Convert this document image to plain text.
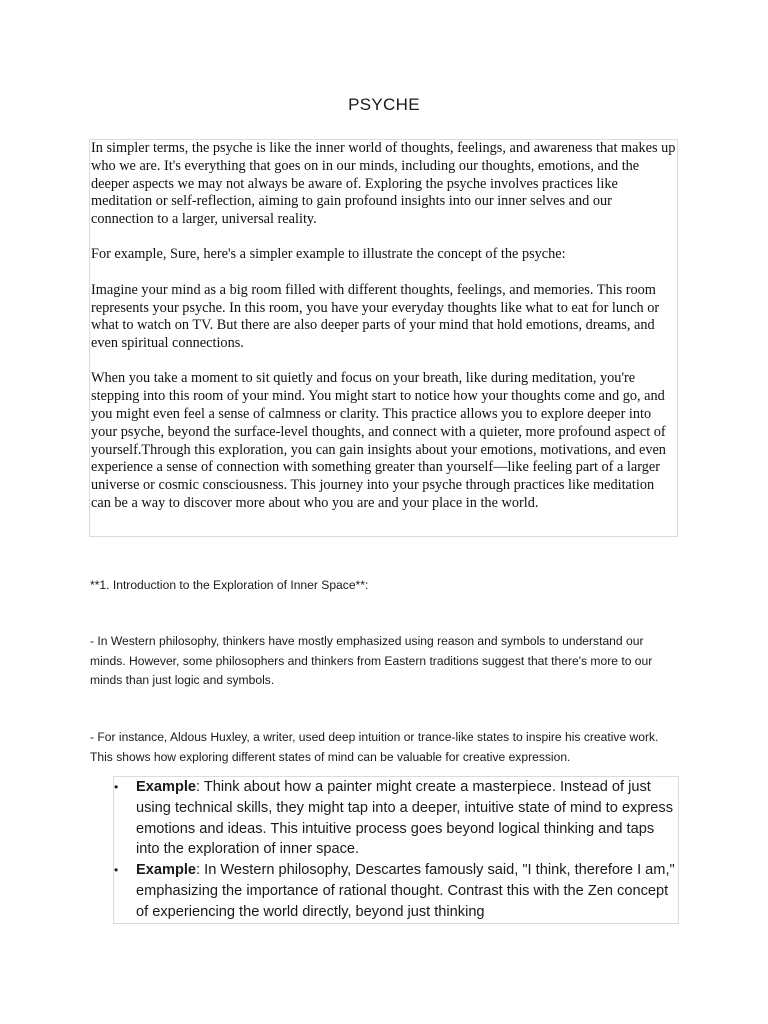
PSYCHE

In simpler terms, the psyche is like the inner world of thoughts, feelings, and awareness that makes up who we are. It's everything that goes on in our minds, including our thoughts, emotions, and the deeper aspects we may not always be aware of. Exploring the psyche involves practices like meditation or self-reflection, aiming to gain profound insights into our inner selves and our connection to a larger, universal reality.

For example, Sure, here's a simpler example to illustrate the concept of the psyche:

Imagine your mind as a big room filled with different thoughts, feelings, and memories. This room represents your psyche. In this room, you have your everyday thoughts like what to eat for lunch or what to watch on TV. But there are also deeper parts of your mind that hold emotions, dreams, and even spiritual connections.

When you take a moment to sit quietly and focus on your breath, like during meditation, you're stepping into this room of your mind. You might start to notice how your thoughts come and go, and you might even feel a sense of calmness or clarity. This practice allows you to explore deeper into your psyche, beyond the surface-level thoughts, and connect with a quieter, more profound aspect of yourself.Through this exploration, you can gain insights about your emotions, motivations, and even experience a sense of connection with something greater than yourself—like feeling part of a larger universe or cosmic consciousness. This journey into your psyche through practices like meditation can be a way to discover more about who you are and your place in the world.

**1. Introduction to the Exploration of Inner Space**:
- In Western philosophy, thinkers have mostly emphasized using reason and symbols to understand our minds. However, some philosophers and thinkers from Eastern traditions suggest that there's more to our minds than just logic and symbols.
- For instance, Aldous Huxley, a writer, used deep intuition or trance-like states to inspire his creative work. This shows how exploring different states of mind can be valuable for creative expression.
• Example: Think about how a painter might create a masterpiece. Instead of just using technical skills, they might tap into a deeper, intuitive state of mind to express emotions and ideas. This intuitive process goes beyond logical thinking and taps into the exploration of inner space.
• Example: In Western philosophy, Descartes famously said, "I think, therefore I am," emphasizing the importance of rational thought. Contrast this with the Zen concept of experiencing the world directly, beyond just thinking
